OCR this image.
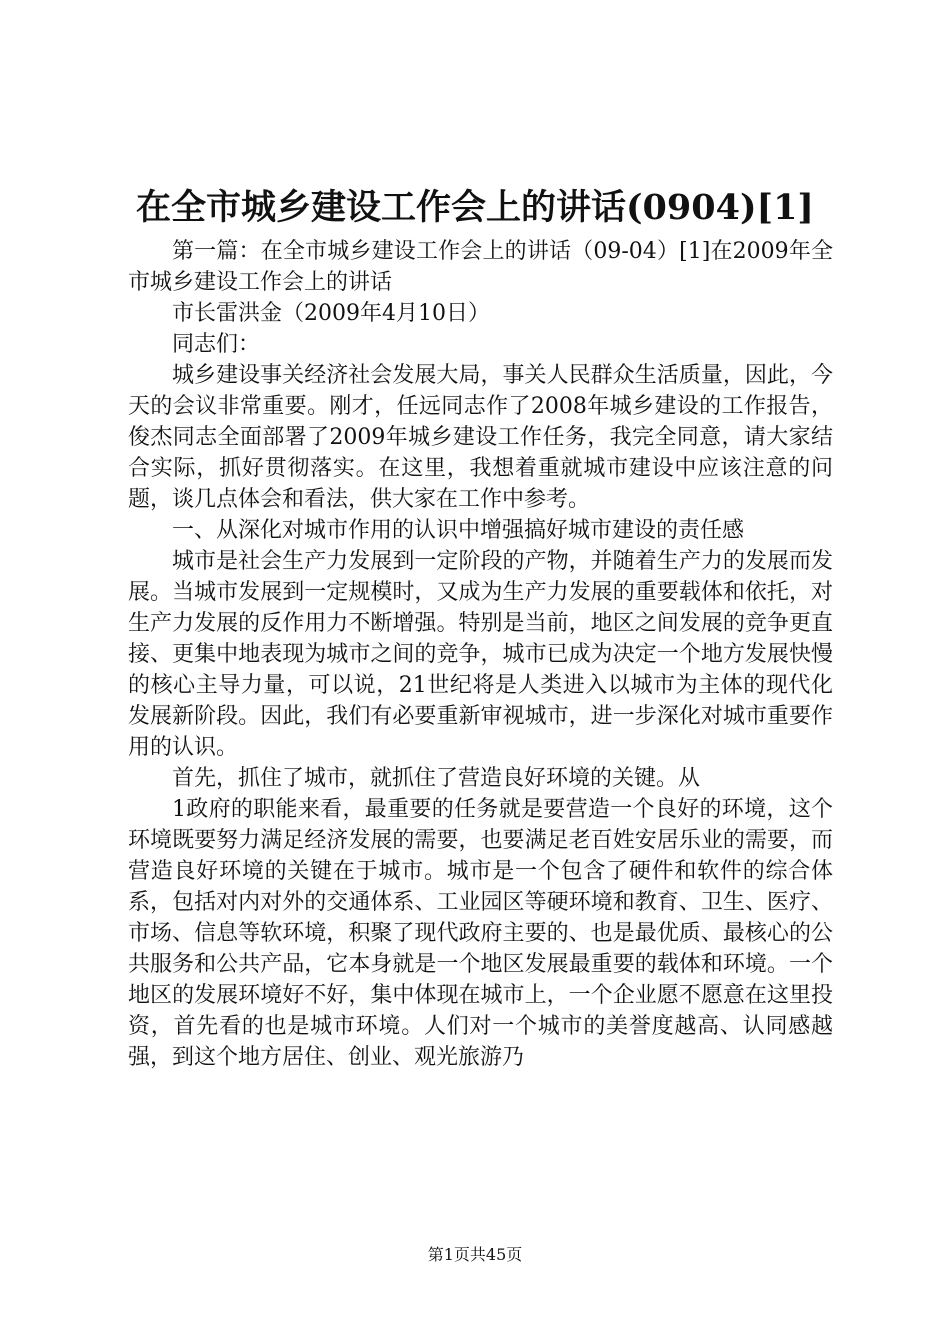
在全市城乡建设工作会上的讲话(0904)[1]

第一篇：在全市城乡建设工作会上的讲话（09-04）[1]在2009年全市城乡建设工作会上的讲话

市长雷洪金（2009年4月10日）

同志们：

城乡建设事关经济社会发展大局，事关人民群众生活质量，因此，今天的会议非常重要。刚才，任远同志作了2008年城乡建设的工作报告，俊杰同志全面部署了2009年城乡建设工作任务，我完全同意，请大家结合实际，抓好贯彻落实。在这里，我想着重就城市建设中应该注意的问题，谈几点体会和看法，供大家在工作中参考。

一、从深化对城市作用的认识中增强搞好城市建设的责任感

城市是社会生产力发展到一定阶段的产物，并随着生产力的发展而发展。当城市发展到一定规模时，又成为生产力发展的重要载体和依托，对生产力发展的反作用力不断增强。特别是当前，地区之间发展的竞争更直接、更集中地表现为城市之间的竞争，城市已成为决定一个地方发展快慢的核心主导力量，可以说，21世纪将是人类进入以城市为主体的现代化发展新阶段。因此，我们有必要重新审视城市，进一步深化对城市重要作用的认识。

首先，抓住了城市，就抓住了营造良好环境的关键。从

1政府的职能来看，最重要的任务就是要营造一个良好的环境，这个环境既要努力满足经济发展的需要，也要满足老百姓安居乐业的需要，而营造良好环境的关键在于城市。城市是一个包含了硬件和软件的综合体系，包括对内对外的交通体系、工业园区等硬环境和教育、卫生、医疗、市场、信息等软环境，积聚了现代政府主要的、也是最优质、最核心的公共服务和公共产品，它本身就是一个地区发展最重要的载体和环境。一个地区的发展环境好不好，集中体现在城市上，一个企业愿不愿意在这里投资，首先看的也是城市环境。人们对一个城市的美誉度越高、认同感越强，到这个地方居住、创业、观光旅游乃

第1页共45页
